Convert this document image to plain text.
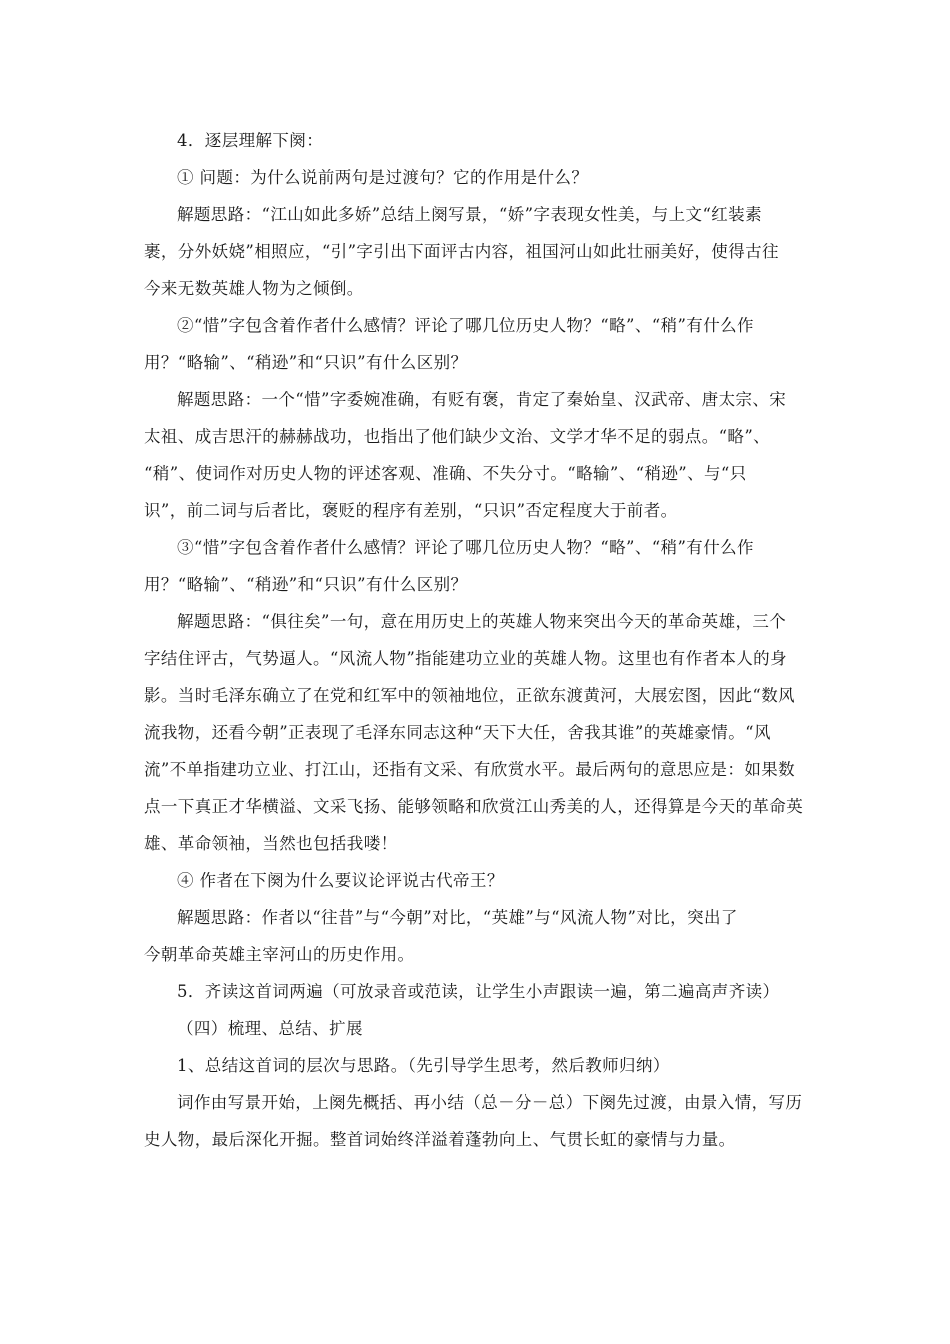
4．逐层理解下阕：
① 问题：为什么说前两句是过渡句？它的作用是什么？
解题思路：“江山如此多娇”总结上阕写景，“娇”字表现女性美，与上文“红装素
裹，分外妖娆”相照应，“引”字引出下面评古内容，祖国河山如此壮丽美好，使得古往
今来无数英雄人物为之倾倒。
②“惜”字包含着作者什么感情？评论了哪几位历史人物？“略”、“稍”有什么作
用？“略输”、“稍逊”和“只识”有什么区别？
解题思路：一个“惜”字委婉准确，有贬有褒，肯定了秦始皇、汉武帝、唐太宗、宋
太祖、成吉思汗的赫赫战功，也指出了他们缺少文治、文学才华不足的弱点。“略”、
“稍”、使词作对历史人物的评述客观、准确、不失分寸。“略输”、“稍逊”、与“只
识”，前二词与后者比，褒贬的程序有差别，“只识”否定程度大于前者。
③“惜”字包含着作者什么感情？评论了哪几位历史人物？“略”、“稍”有什么作
用？“略输”、“稍逊”和“只识”有什么区别？
解题思路：“俱往矣”一句，意在用历史上的英雄人物来突出今天的革命英雄，三个
字结住评古，气势逼人。“风流人物”指能建功立业的英雄人物。这里也有作者本人的身
影。当时毛泽东确立了在党和红军中的领袖地位，正欲东渡黄河，大展宏图，因此“数风
流我物，还看今朝”正表现了毛泽东同志这种“天下大任，舍我其谁”的英雄豪情。“风
流”不单指建功立业、打江山，还指有文采、有欣赏水平。最后两句的意思应是：如果数
点一下真正才华横溢、文采飞扬、能够领略和欣赏江山秀美的人，还得算是今天的革命英
雄、革命领袖，当然也包括我喽！
④ 作者在下阕为什么要议论评说古代帝王？
解题思路：作者以“往昔”与“今朝”对比，“英雄”与“风流人物”对比，突出了
今朝革命英雄主宰河山的历史作用。
5．齐读这首词两遍（可放录音或范读，让学生小声跟读一遍，第二遍高声齐读）
（四）梳理、总结、扩展
1、总结这首词的层次与思路。（先引导学生思考，然后教师归纳）
词作由写景开始，上阕先概括、再小结（总－分－总）下阕先过渡，由景入情，写历
史人物，最后深化开掘。整首词始终洋溢着蓬勃向上、气贯长虹的豪情与力量。
